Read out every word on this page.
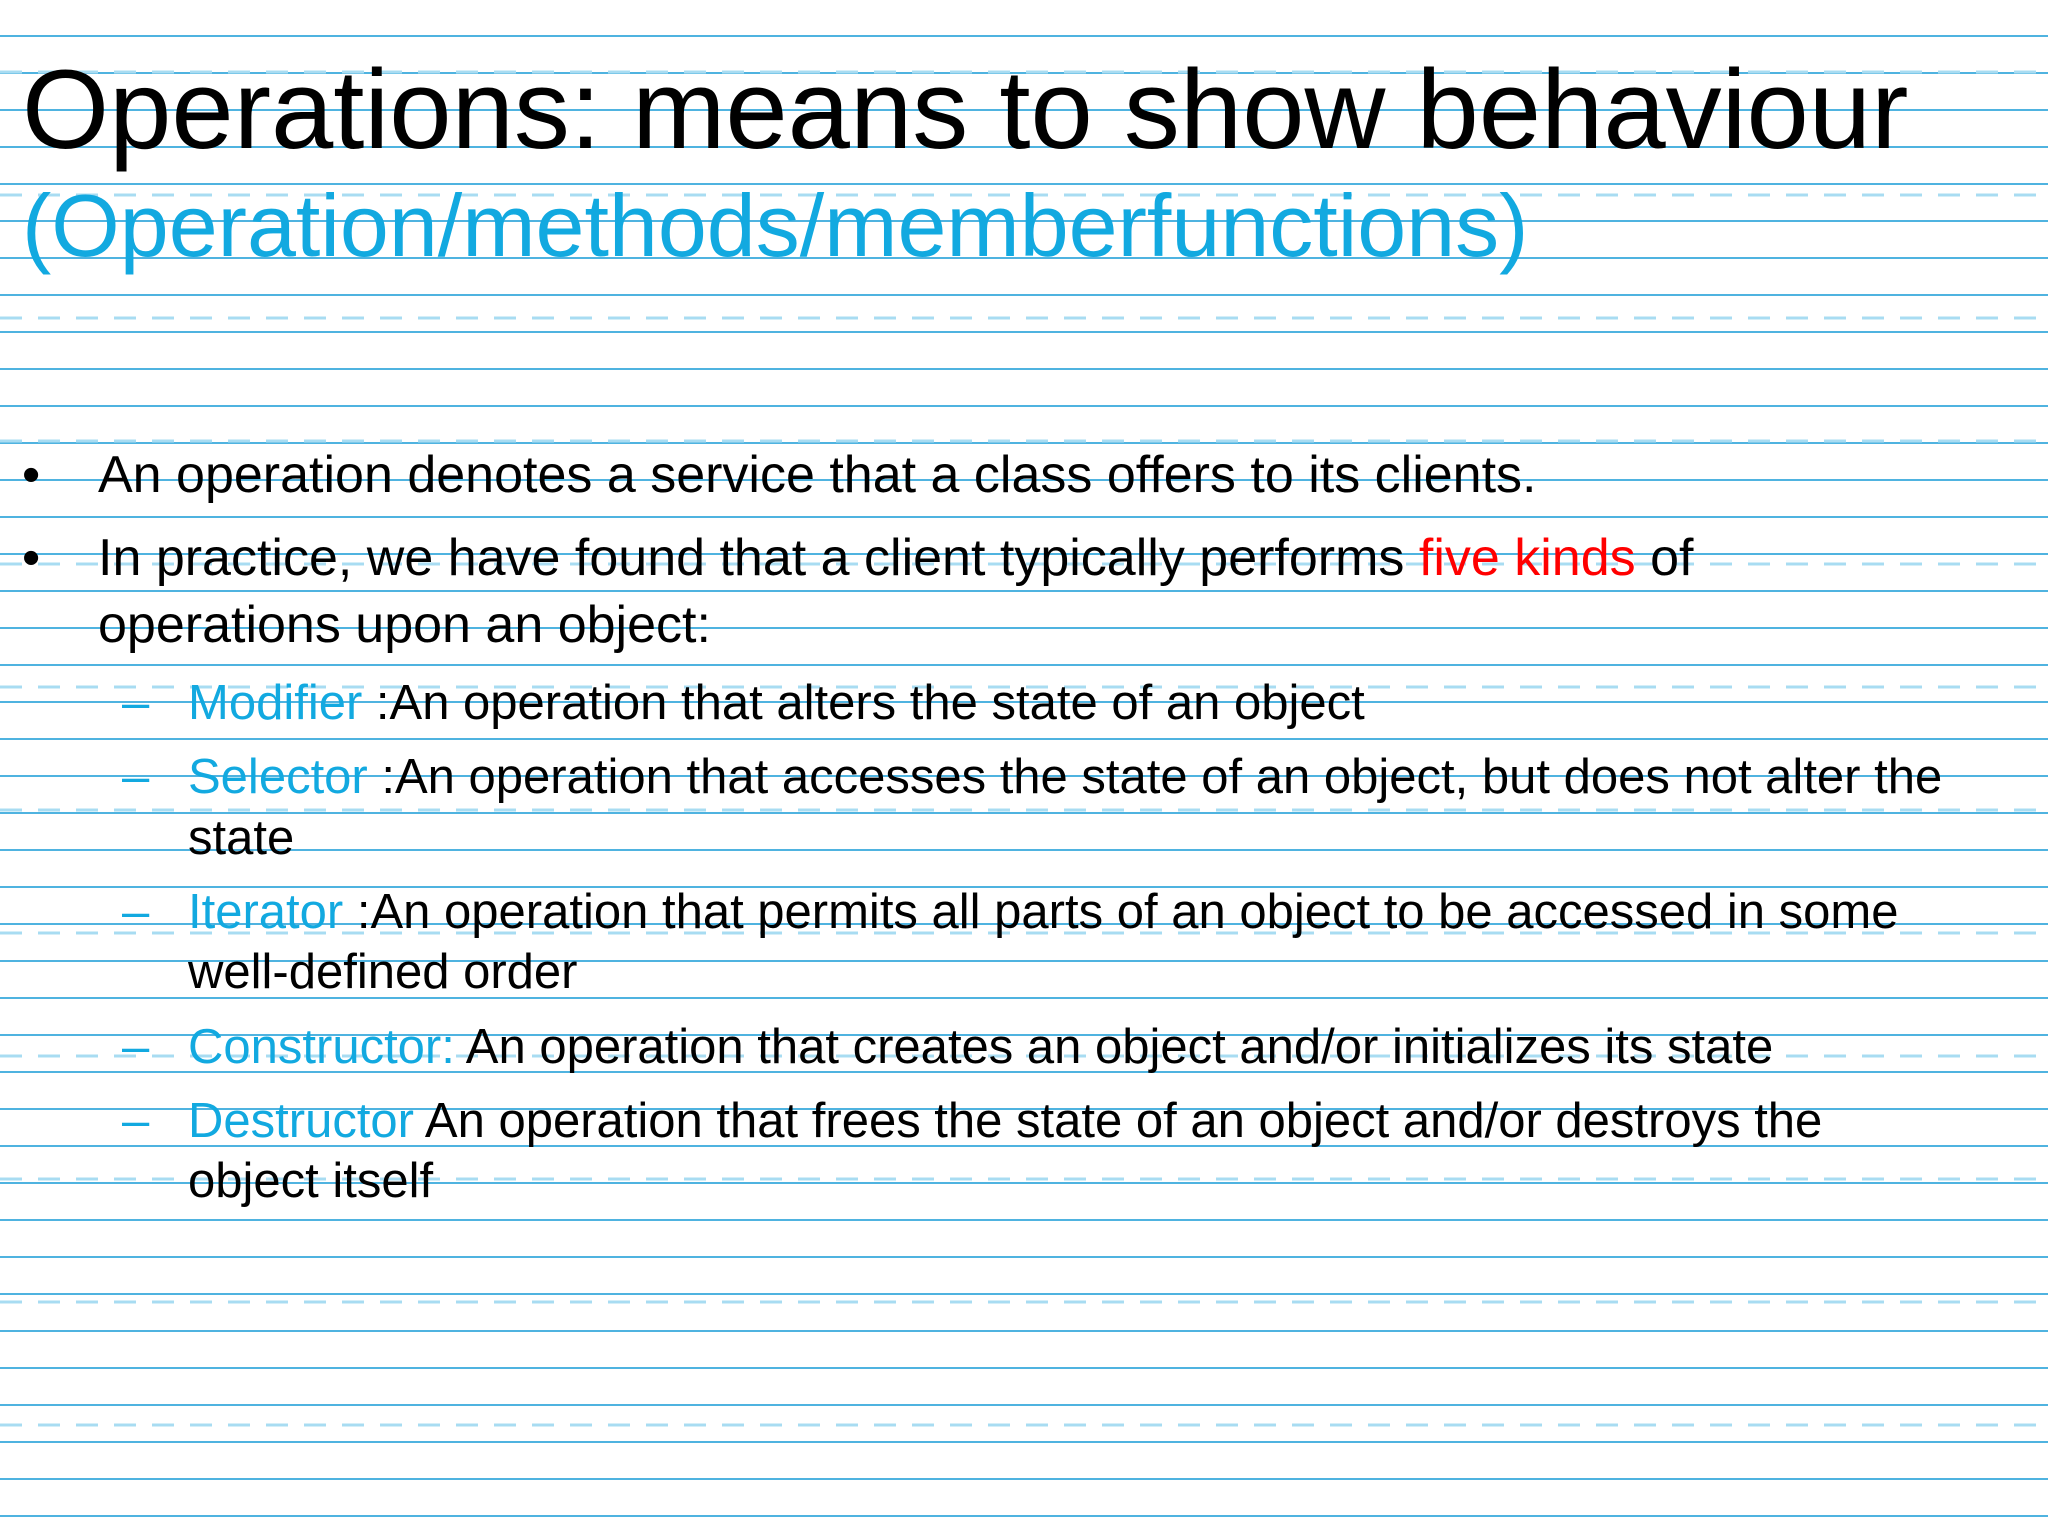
Operations: means to show behaviour
(Operation/methods/memberfunctions)
• An operation denotes a service that a class offers to its clients.
• In practice, we have found that a client typically performs five kinds of
operations upon an object:
– Modifier :An operation that alters the state of an object
– Selector :An operation that accesses the state of an object, but does not alter the
state
– Iterator :An operation that permits all parts of an object to be accessed in some
well-defined order
– Constructor: An operation that creates an object and/or initializes its state
– Destructor An operation that frees the state of an object and/or destroys the
object itself
